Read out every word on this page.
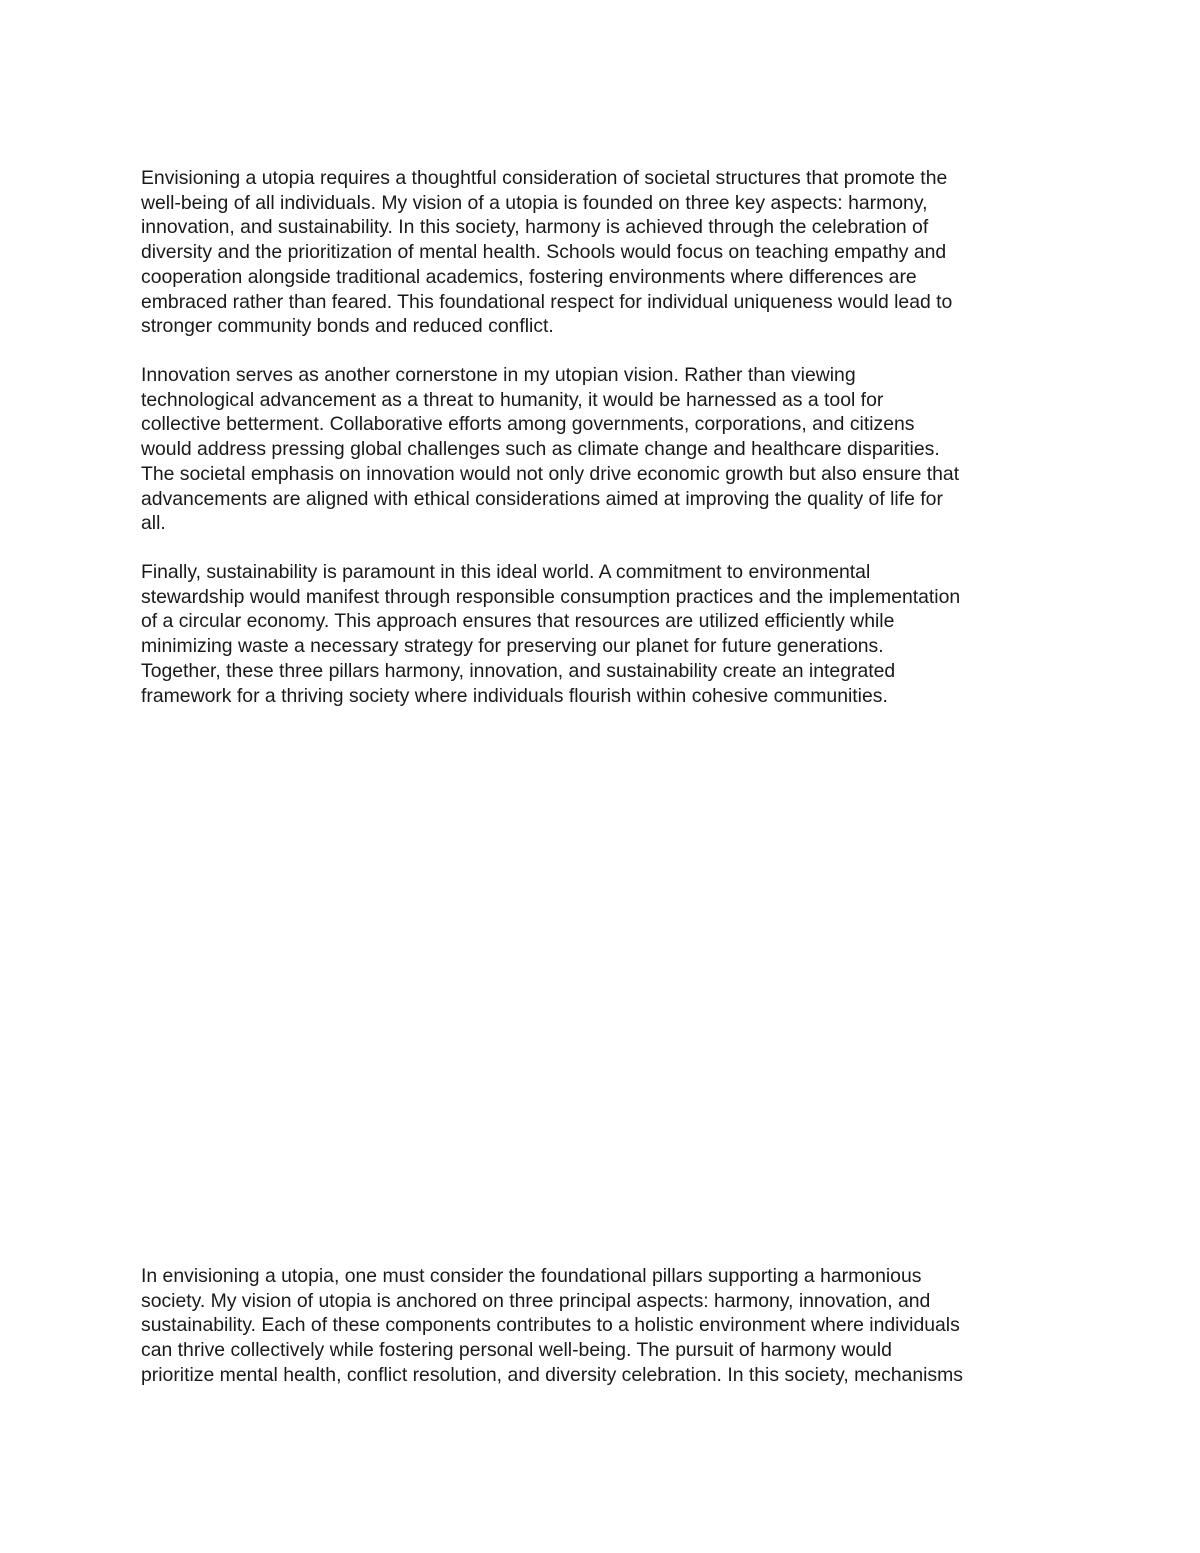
Envisioning a utopia requires a thoughtful consideration of societal structures that promote the
well-being of all individuals. My vision of a utopia is founded on three key aspects: harmony,
innovation, and sustainability. In this society, harmony is achieved through the celebration of
diversity and the prioritization of mental health. Schools would focus on teaching empathy and
cooperation alongside traditional academics, fostering environments where differences are
embraced rather than feared. This foundational respect for individual uniqueness would lead to
stronger community bonds and reduced conflict.

Innovation serves as another cornerstone in my utopian vision. Rather than viewing
technological advancement as a threat to humanity, it would be harnessed as a tool for
collective betterment. Collaborative efforts among governments, corporations, and citizens
would address pressing global challenges such as climate change and healthcare disparities.
The societal emphasis on innovation would not only drive economic growth but also ensure that
advancements are aligned with ethical considerations aimed at improving the quality of life for
all.

Finally, sustainability is paramount in this ideal world. A commitment to environmental
stewardship would manifest through responsible consumption practices and the implementation
of a circular economy. This approach ensures that resources are utilized efficiently while
minimizing waste a necessary strategy for preserving our planet for future generations.
Together, these three pillars harmony, innovation, and sustainability create an integrated
framework for a thriving society where individuals flourish within cohesive communities.

In envisioning a utopia, one must consider the foundational pillars supporting a harmonious
society. My vision of utopia is anchored on three principal aspects: harmony, innovation, and
sustainability. Each of these components contributes to a holistic environment where individuals
can thrive collectively while fostering personal well-being. The pursuit of harmony would
prioritize mental health, conflict resolution, and diversity celebration. In this society, mechanisms
